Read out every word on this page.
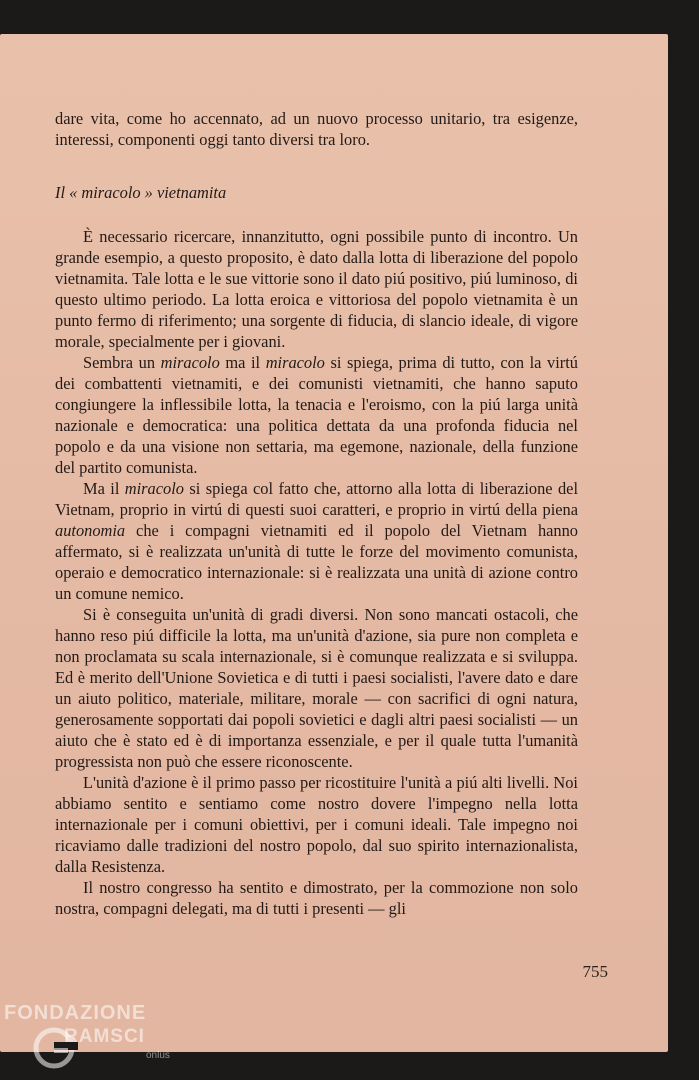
dare vita, come ho accennato, ad un nuovo processo unitario, tra esigenze, interessi, componenti oggi tanto diversi tra loro.

Il « miracolo » vietnamita

È necessario ricercare, innanzitutto, ogni possibile punto di incontro. Un grande esempio, a questo proposito, è dato dalla lotta di liberazione del popolo vietnamita. Tale lotta e le sue vittorie sono il dato piú positivo, piú luminoso, di questo ultimo periodo. La lotta eroica e vittoriosa del popolo vietnamita è un punto fermo di riferimento; una sorgente di fiducia, di slancio ideale, di vigore morale, specialmente per i giovani.

Sembra un miracolo ma il miracolo si spiega, prima di tutto, con la virtú dei combattenti vietnamiti, e dei comunisti vietnamiti, che hanno saputo congiungere la inflessibile lotta, la tenacia e l'eroismo, con la piú larga unità nazionale e democratica: una politica dettata da una profonda fiducia nel popolo e da una visione non settaria, ma egemone, nazionale, della funzione del partito comunista.

Ma il miracolo si spiega col fatto che, attorno alla lotta di liberazione del Vietnam, proprio in virtú di questi suoi caratteri, e proprio in virtú della piena autonomia che i compagni vietnamiti ed il popolo del Vietnam hanno affermato, si è realizzata un'unità di tutte le forze del movimento comunista, operaio e democratico internazionale: si è realizzata una unità di azione contro un comune nemico.

Si è conseguita un'unità di gradi diversi. Non sono mancati ostacoli, che hanno reso piú difficile la lotta, ma un'unità d'azione, sia pure non completa e non proclamata su scala internazionale, si è comunque realizzata e si sviluppa. Ed è merito dell'Unione Sovietica e di tutti i paesi socialisti, l'avere dato e dare un aiuto politico, materiale, militare, morale — con sacrifici di ogni natura, generosamente sopportati dai popoli sovietici e dagli altri paesi socialisti — un aiuto che è stato ed è di importanza essenziale, e per il quale tutta l'umanità progressista non può che essere riconoscente.

L'unità d'azione è il primo passo per ricostituire l'unità a piú alti livelli. Noi abbiamo sentito e sentiamo come nostro dovere l'impegno nella lotta internazionale per i comuni obiettivi, per i comuni ideali. Tale impegno noi ricaviamo dalle tradizioni del nostro popolo, dal suo spirito internazionalista, dalla Resistenza.

Il nostro congresso ha sentito e dimostrato, per la commozione non solo nostra, compagni delegati, ma di tutti i presenti — gli

755
FONDAZIONE
RAMSCI
onlus
